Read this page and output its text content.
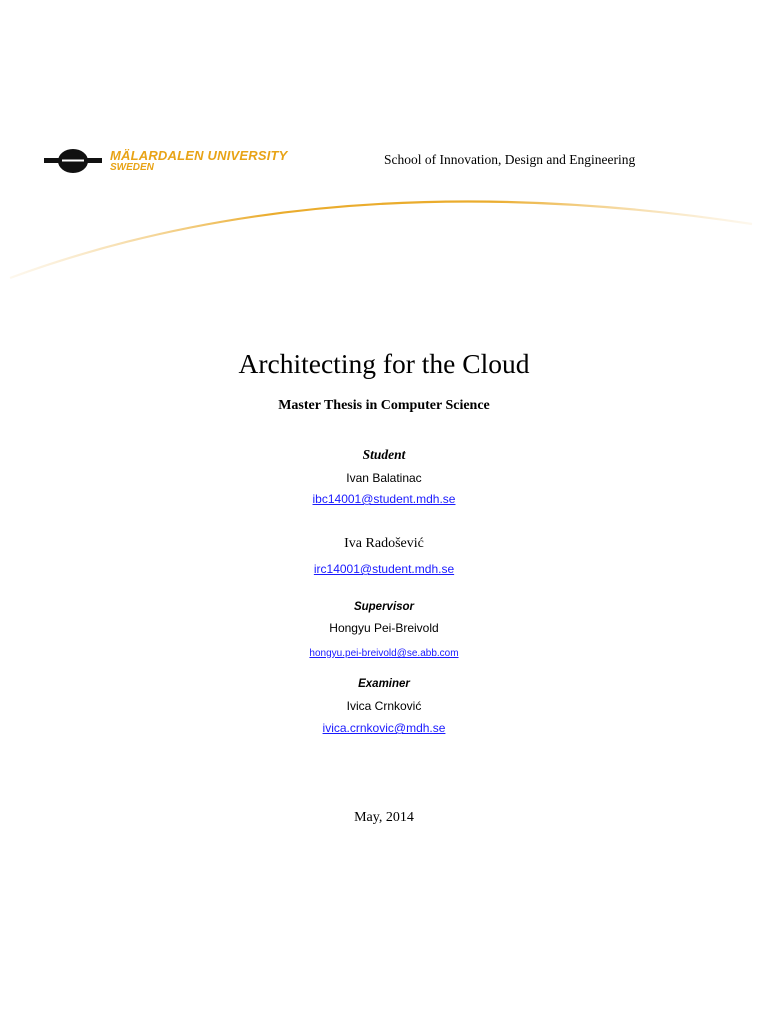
MÄLARDALEN UNIVERSITY
SWEDEN
School of Innovation, Design and Engineering
Architecting for the Cloud
Master Thesis in Computer Science
Student
Ivan Balatinac
ibc14001@student.mdh.se
Iva Radošević
irc14001@student.mdh.se
Supervisor
Hongyu Pei-Breivold
hongyu.pei-breivold@se.abb.com
Examiner
Ivica Crnković
ivica.crnkovic@mdh.se
May, 2014
